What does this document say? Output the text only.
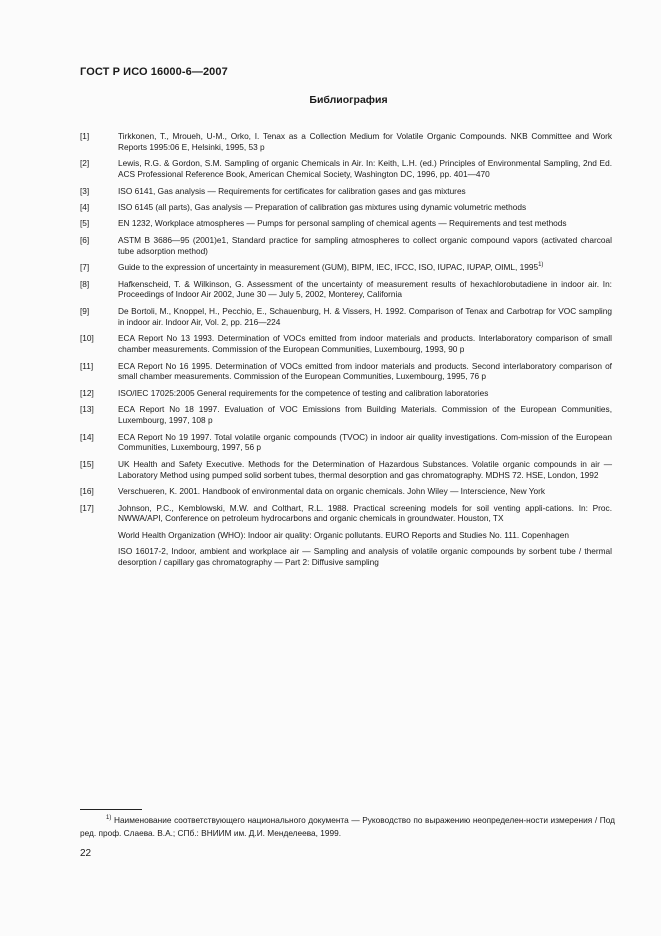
ГОСТ Р ИСО 16000-6—2007
Библиография
[1]	Tirkkonen, T., Mroueh, U-M., Orko, I. Tenax as a Collection Medium for Volatile Organic Compounds. NKB Committee and Work Reports 1995:06 E, Helsinki, 1995, 53 p
[2]	Lewis, R.G. & Gordon, S.M. Sampling of organic Chemicals in Air. In: Keith, L.H. (ed.) Principles of Environmental Sampling, 2nd Ed. ACS Professional Reference Book, American Chemical Society, Washington DC, 1996, pp. 401—470
[3]	ISO 6141, Gas analysis — Requirements for certificates for calibration gases and gas mixtures
[4]	ISO 6145 (all parts), Gas analysis — Preparation of calibration gas mixtures using dynamic volumetric methods
[5]	EN 1232, Workplace atmospheres — Pumps for personal sampling of chemical agents — Requirements and test methods
[6]	ASTM B 3686—95 (2001)e1, Standard practice for sampling atmospheres to collect organic compound vapors (activated charcoal tube adsorption method)
[7]	Guide to the expression of uncertainty in measurement (GUM), BIPM, IEC, IFCC, ISO, IUPAC, IUPAP, OIML, 1995$^{1)}$
[8]	Hafkenscheid, T. & Wilkinson, G. Assessment of the uncertainty of measurement results of hexachlorobutadiene in indoor air. In: Proceedings of Indoor Air 2002, June 30 — July 5, 2002, Monterey, California
[9]	De Bortoli, M., Knoppel, H., Pecchio, E., Schauenburg, H. & Vissers, H. 1992. Comparison of Tenax and Carbotrap for VOC sampling in indoor air. Indoor Air, Vol. 2, pp. 216—224
[10]	ECA Report No 13 1993. Determination of VOCs emitted from indoor materials and products. Interlaboratory comparison of small chamber measurements. Commission of the European Communities, Luxembourg, 1993, 90 p
[11]	ECA Report No 16 1995. Determination of VOCs emitted from indoor materials and products. Second interlaboratory comparison of small chamber measurements. Commission of the European Communities, Luxembourg, 1995, 76 p
[12]	ISO/IEC 17025:2005 General requirements for the competence of testing and calibration laboratories
[13]	ECA Report No 18 1997. Evaluation of VOC Emissions from Building Materials. Commission of the European Communities, Luxembourg, 1997, 108 p
[14]	ECA Report No 19 1997. Total volatile organic compounds (TVOC) in indoor air quality investigations. Com-mission of the European Communities, Luxembourg, 1997, 56 p
[15]	UK Health and Safety Executive. Methods for the Determination of Hazardous Substances. Volatile organic compounds in air — Laboratory Method using pumped solid sorbent tubes, thermal desorption and gas chromatography. MDHS 72. HSE, London, 1992
[16]	Verschueren, K. 2001. Handbook of environmental data on organic chemicals. John Wiley — Interscience, New York
[17]	Johnson, P.C., Kemblowski, M.W. and Colthart, R.L. 1988. Practical screening models for soil venting appli-cations. In: Proc. NWWA/API, Conference on petroleum hydrocarbons and organic chemicals in groundwater. Houston, TX
World Health Organization (WHO): Indoor air quality: Organic pollutants. EURO Reports and Studies No. 111. Copenhagen
ISO 16017-2, Indoor, ambient and workplace air — Sampling and analysis of volatile organic compounds by sorbent tube / thermal desorption / capillary gas chromatography — Part 2: Diffusive sampling
$^{1)}$ Наименование соответствующего национального документа — Руководство по выражению неопределен-ности измерения / Под ред. проф. Слаева. В.А.; СПб.: ВНИИМ им. Д.И. Менделеева, 1999.
22
